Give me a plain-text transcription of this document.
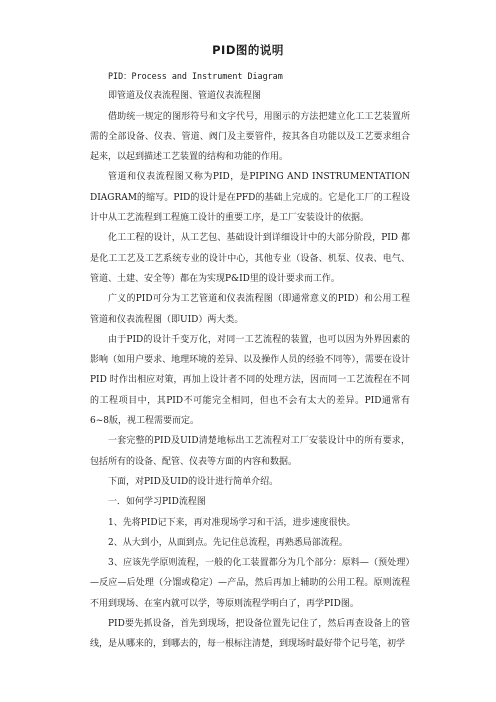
PID图的说明

PID：Process and Instrument Diagram

即管道及仪表流程图、管道仪表流程图

借助统一规定的图形符号和文字代号，用图示的方法把建立化工工艺装置所需的全部设备、仪表、管道、阀门及主要管件，按其各自功能以及工艺要求组合起来，以起到描述工艺装置的结构和功能的作用。

管道和仪表流程图又称为PID，是PIPING AND INSTRUMENTATION DIAGRAM的缩写。PID的设计是在PFD的基础上完成的。它是化工厂的工程设计中从工艺流程到工程施工设计的重要工序，是工厂安装设计的依据。

化工工程的设计，从工艺包、基础设计到详细设计中的大部分阶段，PID 都是化工工艺及工艺系统专业的设计中心，其他专业（设备、机泵、仪表、电气、管道、土建、安全等）都在为实现P&ID里的设计要求而工作。

广义的PID可分为工艺管道和仪表流程图（即通常意义的PID）和公用工程管道和仪表流程图（即UID）两大类。

由于PID的设计千变万化，对同一工艺流程的装置，也可以因为外界因素的影响（如用户要求、地理环境的差异、以及操作人员的经验不同等），需要在设计 PID 时作出相应对策，再加上设计者不同的处理方法，因而同一工艺流程在不同的工程项目中，其PID不可能完全相同，但也不会有太大的差异。PID通常有6~8版，视工程需要而定。

一套完整的PID及UID清楚地标出工艺流程对工厂安装设计中的所有要求，包括所有的设备、配管、仪表等方面的内容和数据。

下面，对PID及UID的设计进行简单介绍。

一．如何学习PID流程图

1、先将PID记下来，再对准现场学习和干活，进步速度很快。

2、从大到小，从面到点。先记住总流程，再熟悉局部流程。

3、应该先学原则流程，一般的化工装置都分为几个部分：原料—（预处理）—反应—后处理（分馏或稳定）—产品，然后再加上辅助的公用工程。原则流程不用到现场、在室内就可以学，等原则流程学明白了，再学PID图。

PID要先抓设备，首先到现场，把设备位置先记住了，然后再查设备上的管线，是从哪来的，到哪去的，每一根标注清楚，到现场时最好带个记号笔，初学
